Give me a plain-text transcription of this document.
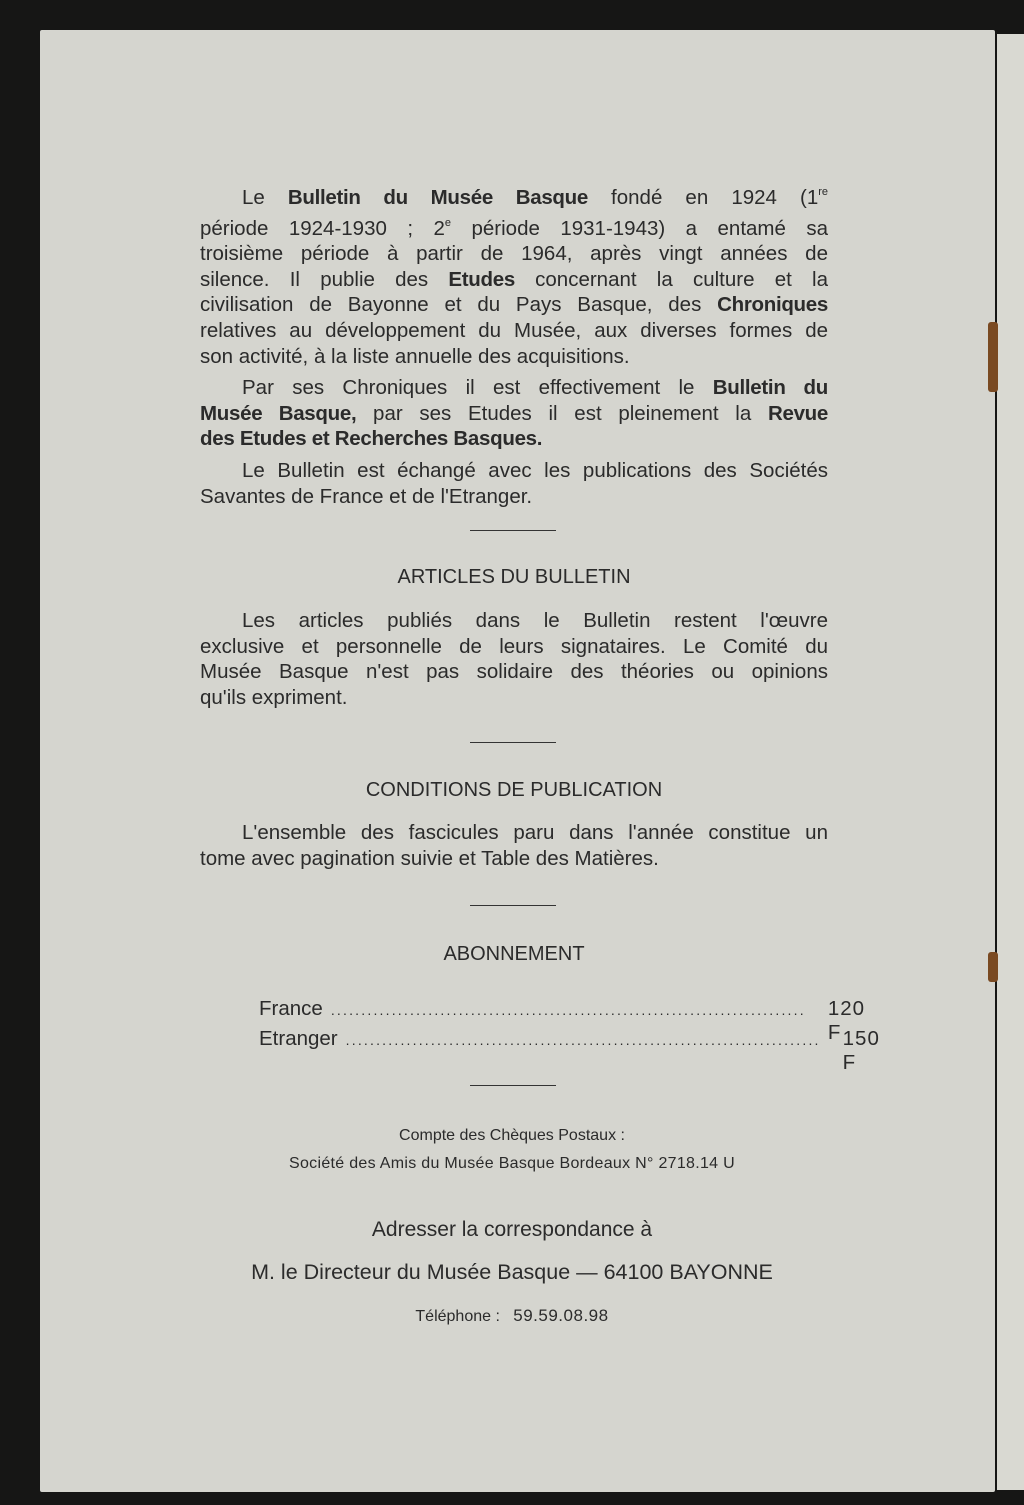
Le Bulletin du Musée Basque fondé en 1924 (1re
période 1924-1930 ; 2e période 1931-1943) a entamé sa
troisième période à partir de 1964, après vingt années de
silence. Il publie des Etudes concernant la culture et la
civilisation de Bayonne et du Pays Basque, des Chroniques
relatives au développement du Musée, aux diverses formes de
son activité, à la liste annuelle des acquisitions.
Par ses Chroniques il est effectivement le Bulletin du
Musée Basque, par ses Etudes il est pleinement la Revue
des Etudes et Recherches Basques.
Le Bulletin est échangé avec les publications des Sociétés
Savantes de France et de l'Etranger.
ARTICLES DU BULLETIN
Les articles publiés dans le Bulletin restent l'œuvre
exclusive et personnelle de leurs signataires. Le Comité du
Musée Basque n'est pas solidaire des théories ou opinions
qu'ils expriment.
CONDITIONS DE PUBLICATION
L'ensemble des fascicules paru dans l'année constitue un
tome avec pagination suivie et Table des Matières.
ABONNEMENT
France ..............................................................................	120 F
Etranger ..............................................................................	150 F
Compte des Chèques Postaux :
Société des Amis du Musée Basque Bordeaux N° 2718.14 U
Adresser la correspondance à
M. le Directeur du Musée Basque — 64100 BAYONNE
Téléphone : 59.59.08.98
